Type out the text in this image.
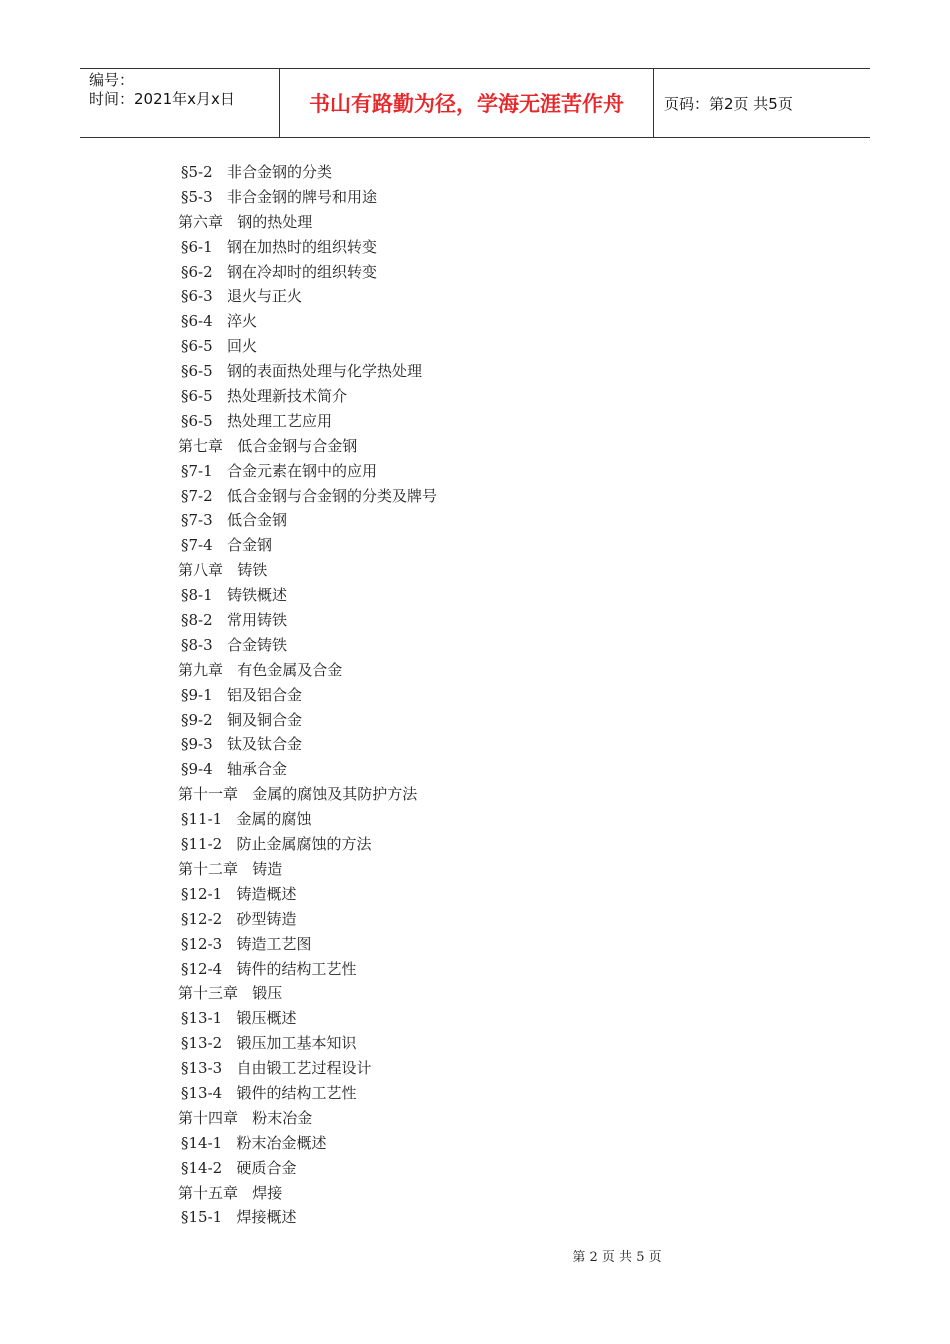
编号：
时间：2021年x月x日	书山有路勤为径，学海无涯苦作舟	页码：第2页 共5页
§5-2   非合金钢的分类
§5-3   非合金钢的牌号和用途
第六章   钢的热处理
§6-1   钢在加热时的组织转变
§6-2   钢在冷却时的组织转变
§6-3   退火与正火
§6-4   淬火
§6-5   回火
§6-5   钢的表面热处理与化学热处理
§6-5   热处理新技术简介
§6-5   热处理工艺应用
第七章   低合金钢与合金钢
§7-1   合金元素在钢中的应用
§7-2   低合金钢与合金钢的分类及牌号
§7-3   低合金钢
§7-4   合金钢
第八章   铸铁
§8-1   铸铁概述
§8-2   常用铸铁
§8-3   合金铸铁
第九章   有色金属及合金
§9-1   铝及铝合金
§9-2   铜及铜合金
§9-3   钛及钛合金
§9-4   轴承合金
第十一章   金属的腐蚀及其防护方法
§11-1   金属的腐蚀
§11-2   防止金属腐蚀的方法
第十二章   铸造
§12-1   铸造概述
§12-2   砂型铸造
§12-3   铸造工艺图
§12-4   铸件的结构工艺性
第十三章   锻压
§13-1   锻压概述
§13-2   锻压加工基本知识
§13-3   自由锻工艺过程设计
§13-4   锻件的结构工艺性
第十四章   粉末冶金
§14-1   粉末冶金概述
§14-2   硬质合金
第十五章   焊接
§15-1   焊接概述
第 2 页 共 5 页
